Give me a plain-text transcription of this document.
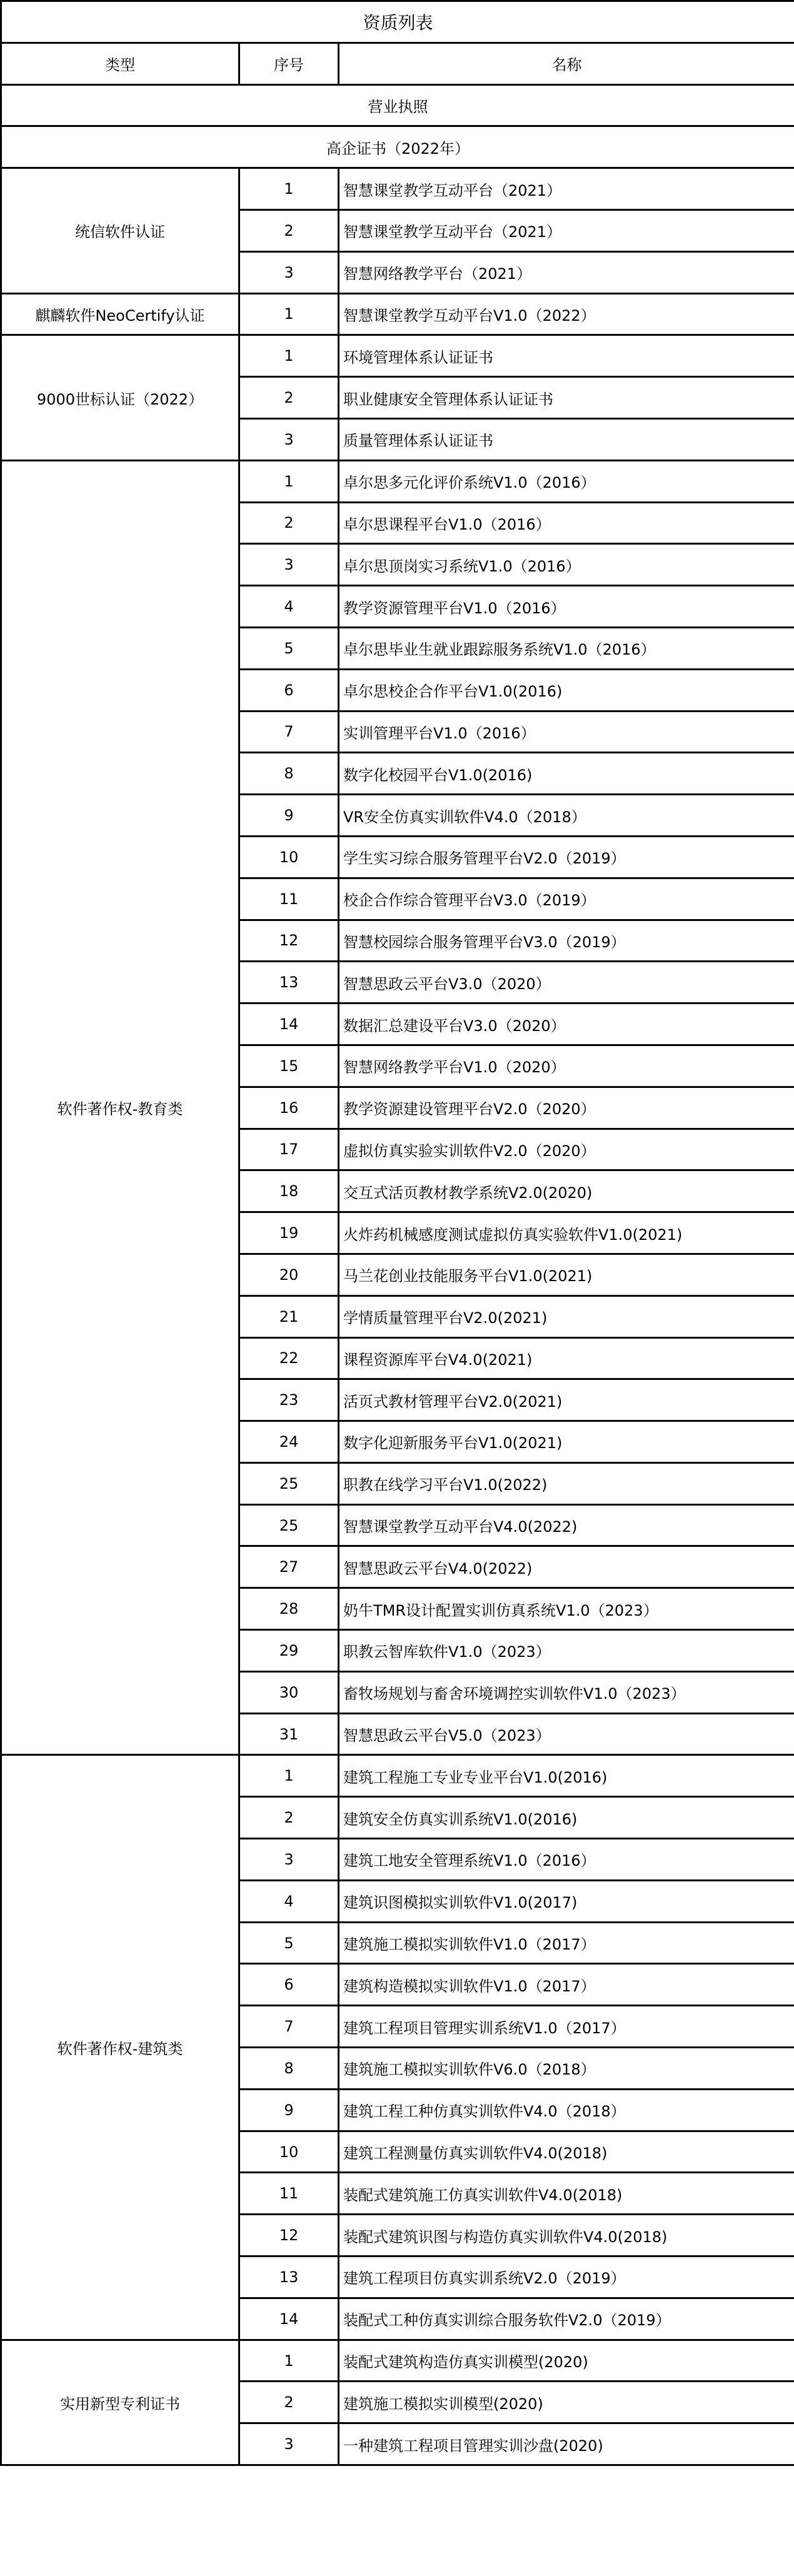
资质列表		
类型	序号	名称
营业执照		
高企证书（2022年）		
统信软件认证	1	智慧课堂教学互动平台（2021）
	2	智慧课堂教学互动平台（2021）
	3	智慧网络教学平台（2021）
麒麟软件NeoCertify认证	1	智慧课堂教学互动平台V1.0（2022）
9000世标认证（2022）	1	环境管理体系认证证书
	2	职业健康安全管理体系认证证书
	3	质量管理体系认证证书
软件著作权-教育类	1	卓尔思多元化评价系统V1.0（2016）
	2	卓尔思课程平台V1.0（2016）
	3	卓尔思顶岗实习系统V1.0（2016）
	4	教学资源管理平台V1.0（2016）
	5	卓尔思毕业生就业跟踪服务系统V1.0（2016）
	6	卓尔思校企合作平台V1.0(2016)
	7	实训管理平台V1.0（2016）
	8	数字化校园平台V1.0(2016)
	9	VR安全仿真实训软件V4.0（2018）
	10	学生实习综合服务管理平台V2.0（2019）
	11	校企合作综合管理平台V3.0（2019）
	12	智慧校园综合服务管理平台V3.0（2019）
	13	智慧思政云平台V3.0（2020）
	14	数据汇总建设平台V3.0（2020）
	15	智慧网络教学平台V1.0（2020）
	16	教学资源建设管理平台V2.0（2020）
	17	虚拟仿真实验实训软件V2.0（2020）
	18	交互式活页教材教学系统V2.0(2020)
	19	火炸药机械感度测试虚拟仿真实验软件V1.0(2021)
	20	马兰花创业技能服务平台V1.0(2021)
	21	学情质量管理平台V2.0(2021)
	22	课程资源库平台V4.0(2021)
	23	活页式教材管理平台V2.0(2021)
	24	数字化迎新服务平台V1.0(2021)
	25	职教在线学习平台V1.0(2022)
	25	智慧课堂教学互动平台V4.0(2022)
	27	智慧思政云平台V4.0(2022)
	28	奶牛TMR设计配置实训仿真系统V1.0（2023）
	29	职教云智库软件V1.0（2023）
	30	畜牧场规划与畜舍环境调控实训软件V1.0（2023）
	31	智慧思政云平台V5.0（2023）
软件著作权-建筑类	1	建筑工程施工专业专业平台V1.0(2016)
	2	建筑安全仿真实训系统V1.0(2016)
	3	建筑工地安全管理系统V1.0（2016）
	4	建筑识图模拟实训软件V1.0(2017)
	5	建筑施工模拟实训软件V1.0（2017）
	6	建筑构造模拟实训软件V1.0（2017）
	7	建筑工程项目管理实训系统V1.0（2017）
	8	建筑施工模拟实训软件V6.0（2018）
	9	建筑工程工种仿真实训软件V4.0（2018）
	10	建筑工程测量仿真实训软件V4.0(2018)
	11	装配式建筑施工仿真实训软件V4.0(2018)
	12	装配式建筑识图与构造仿真实训软件V4.0(2018)
	13	建筑工程项目仿真实训系统V2.0（2019）
	14	装配式工种仿真实训综合服务软件V2.0（2019）
实用新型专利证书	1	装配式建筑构造仿真实训模型(2020)
	2	建筑施工模拟实训模型(2020)
	3	一种建筑工程项目管理实训沙盘(2020)
